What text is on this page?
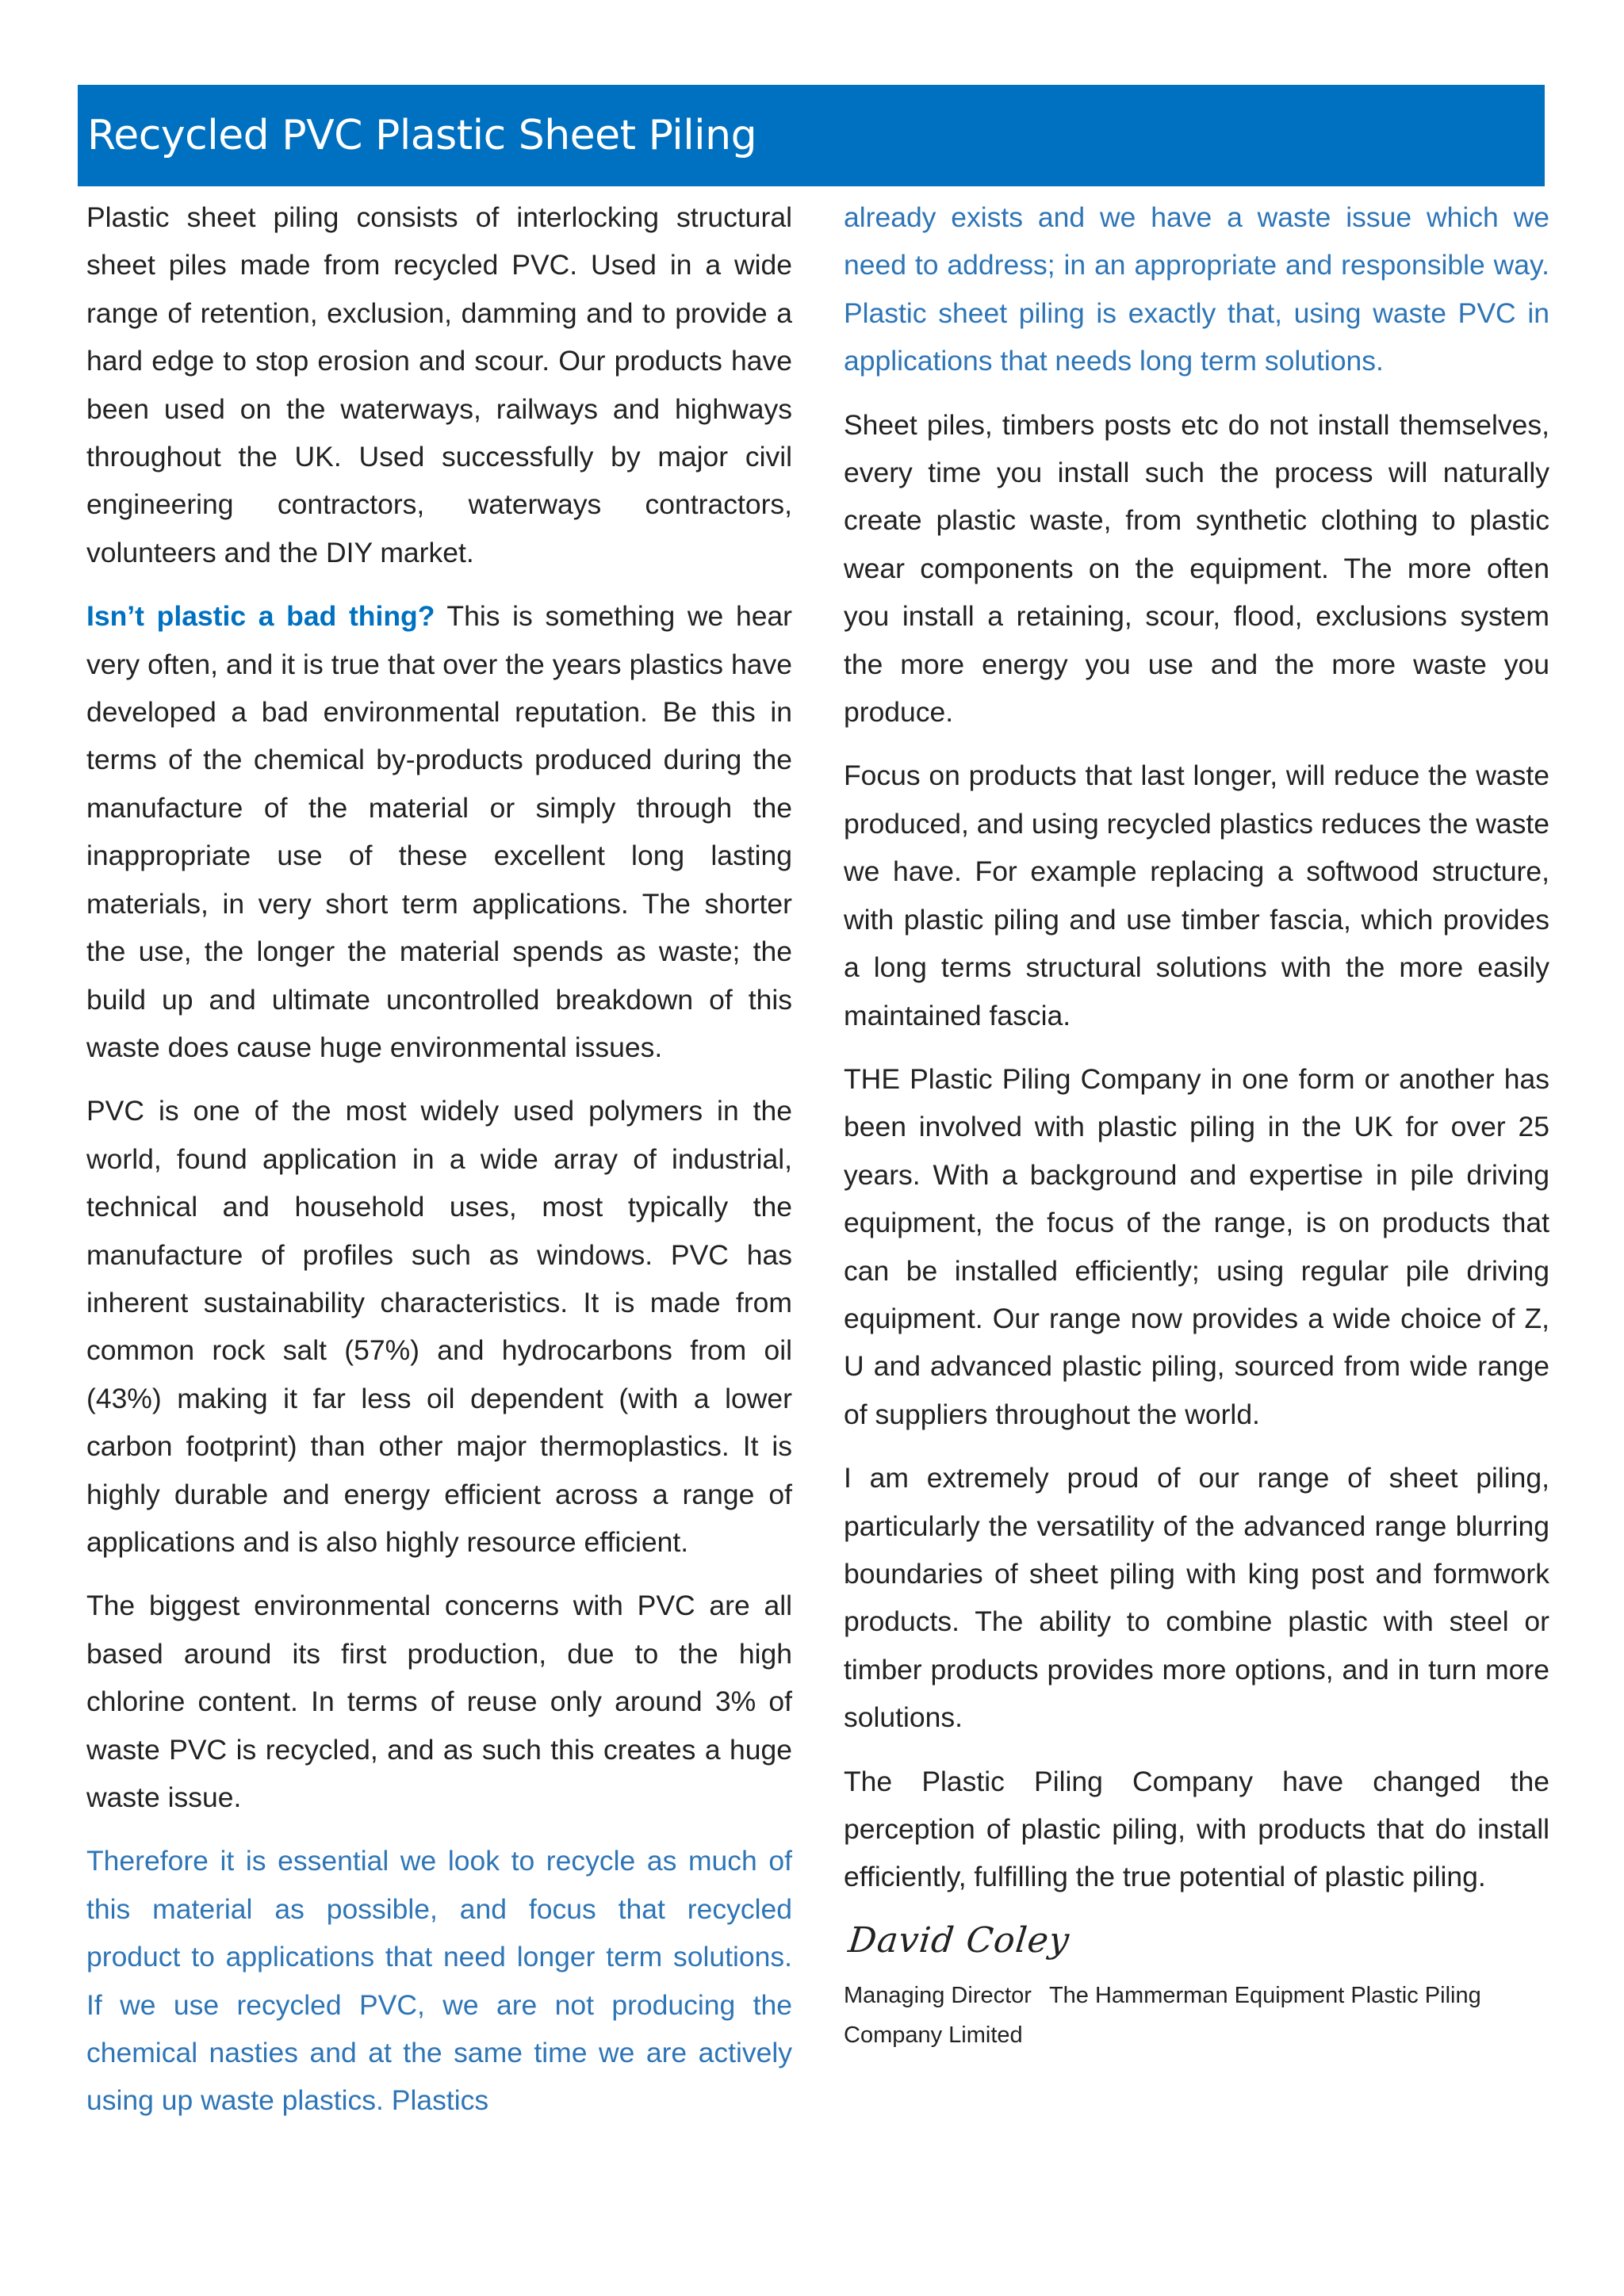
Recycled PVC Plastic Sheet Piling

Plastic sheet piling consists of interlocking structural sheet piles made from recycled PVC. Used in a wide range of retention, exclusion, damming and to provide a hard edge to stop erosion and scour. Our products have been used on the waterways, railways and highways throughout the UK. Used successfully by major civil engineering contractors, waterways contractors, volunteers and the DIY market.

Isn’t plastic a bad thing? This is something we hear very often, and it is true that over the years plastics have developed a bad environmental reputation. Be this in terms of the chemical by-products produced during the manufacture of the material or simply through the inappropriate use of these excellent long lasting materials, in very short term applications. The shorter the use, the longer the material spends as waste; the build up and ultimate uncontrolled breakdown of this waste does cause huge environmental issues.

PVC is one of the most widely used polymers in the world, found application in a wide array of industrial, technical and household uses, most typically the manufacture of profiles such as windows. PVC has inherent sustainability characteristics. It is made from common rock salt (57%) and hydrocarbons from oil (43%) making it far less oil dependent (with a lower carbon footprint) than other major thermoplastics. It is highly durable and energy efficient across a range of applications and is also highly resource efficient.

The biggest environmental concerns with PVC are all based around its first production, due to the high chlorine content. In terms of reuse only around 3% of waste PVC is recycled, and as such this creates a huge waste issue.

Therefore it is essential we look to recycle as much of this material as possible, and focus that recycled product to applications that need longer term solutions. If we use recycled PVC, we are not producing the chemical nasties and at the same time we are actively using up waste plastics. Plastics

already exists and we have a waste issue which we need to address; in an appropriate and responsible way. Plastic sheet piling is exactly that, using waste PVC in applications that needs long term solutions.

Sheet piles, timbers posts etc do not install themselves, every time you install such the process will naturally create plastic waste, from synthetic clothing to plastic wear components on the equipment. The more often you install a retaining, scour, flood, exclusions system the more energy you use and the more waste you produce.

Focus on products that last longer, will reduce the waste produced, and using recycled plastics reduces the waste we have. For example replacing a softwood structure, with plastic piling and use timber fascia, which provides a long terms structural solutions with the more easily maintained fascia.

THE Plastic Piling Company in one form or another has been involved with plastic piling in the UK for over 25 years. With a background and expertise in pile driving equipment, the focus of the range, is on products that can be installed efficiently; using regular pile driving equipment. Our range now provides a wide choice of Z, U and advanced plastic piling, sourced from wide range of suppliers throughout the world.

I am extremely proud of our range of sheet piling, particularly the versatility of the advanced range blurring boundaries of sheet piling with king post and formwork products. The ability to combine plastic with steel or timber products provides more options, and in turn more solutions.

The Plastic Piling Company have changed the perception of plastic piling, with products that do install efficiently, fulfilling the true potential of plastic piling.

David Coley

Managing Director The Hammerman Equipment Plastic Piling Company Limited
